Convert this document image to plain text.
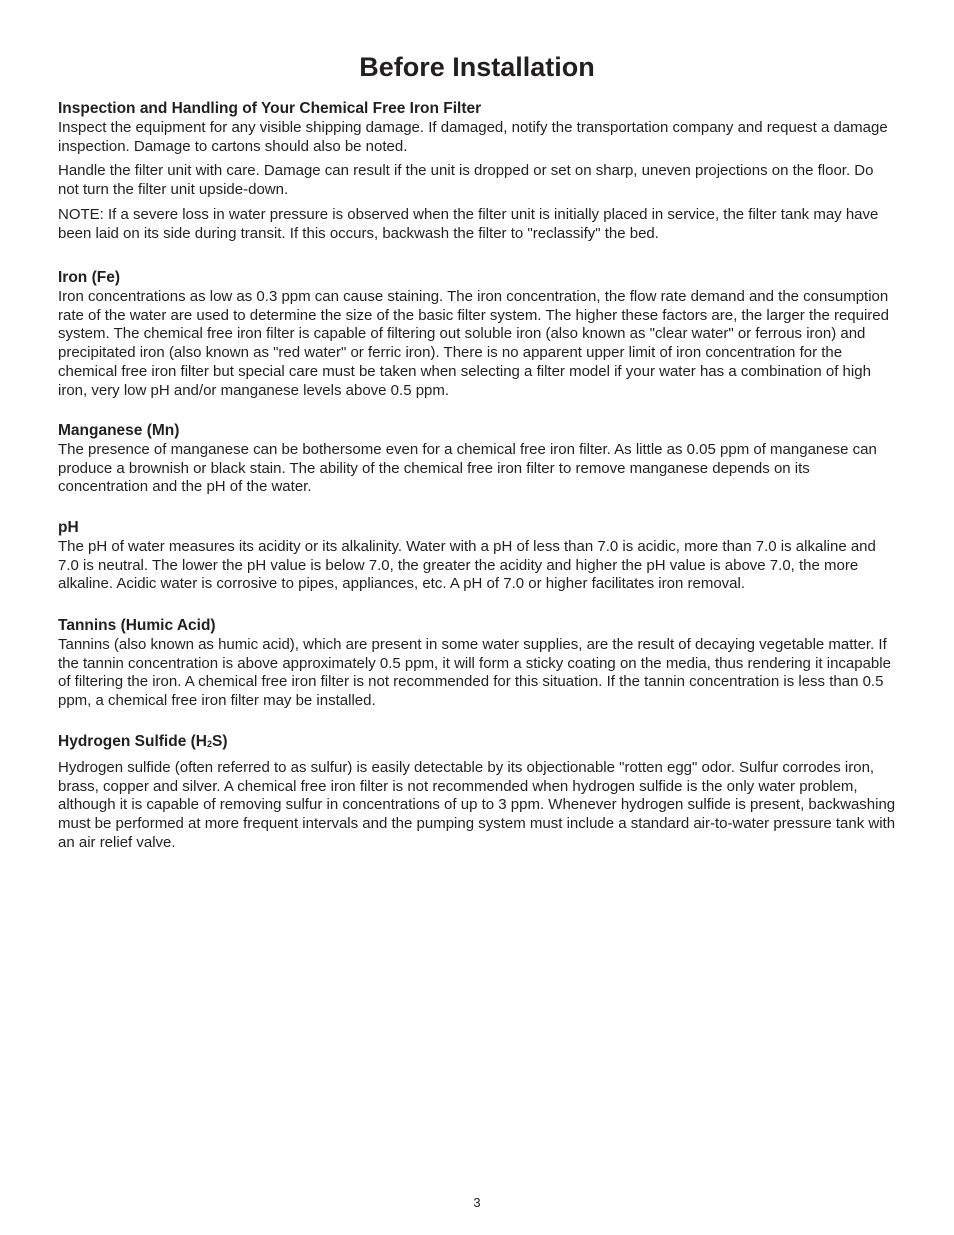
Before Installation
Inspection and Handling of Your Chemical Free Iron Filter

Inspect the equipment for any visible shipping damage. If damaged, notify the transportation company and request a damage inspection. Damage to cartons should also be noted.

Handle the filter unit with care. Damage can result if the unit is dropped or set on sharp, uneven projections on the floor. Do not turn the filter unit upside-down.

NOTE: If a severe loss in water pressure is observed when the filter unit is initially placed in service, the filter tank may have been laid on its side during transit. If this occurs, backwash the filter to "reclassify" the bed.

Iron (Fe)

Iron concentrations as low as 0.3 ppm can cause staining. The iron concentration, the flow rate demand and the consumption rate of the water are used to determine the size of the basic filter system. The higher these factors are, the larger the required system. The chemical free iron filter is capable of filtering out soluble iron (also known as "clear water" or ferrous iron) and precipitated iron (also known as "red water" or ferric iron). There is no apparent upper limit of iron concentration for the chemical free iron filter but special care must be taken when selecting a filter model if your water has a combination of high iron, very low pH and/or manganese levels above 0.5 ppm.

Manganese (Mn)

The presence of manganese can be bothersome even for a chemical free iron filter. As little as 0.05 ppm of manganese can produce a brownish or black stain. The ability of the chemical free iron filter to remove manganese depends on its concentration and the pH of the water.

pH

The pH of water measures its acidity or its alkalinity. Water with a pH of less than 7.0 is acidic, more than 7.0 is alkaline and 7.0 is neutral. The lower the pH value is below 7.0, the greater the acidity and higher the pH value is above 7.0, the more alkaline. Acidic water is corrosive to pipes, appliances, etc. A pH of 7.0 or higher facilitates iron removal.

Tannins (Humic Acid)

Tannins (also known as humic acid), which are present in some water supplies, are the result of decaying vegetable matter. If the tannin concentration is above approximately 0.5 ppm, it will form a sticky coating on the media, thus rendering it incapable of filtering the iron. A chemical free iron filter is not recommended for this situation. If the tannin concentration is less than 0.5 ppm, a chemical free iron filter may be installed.

Hydrogen Sulfide (H2S)

Hydrogen sulfide (often referred to as sulfur) is easily detectable by its objectionable "rotten egg" odor. Sulfur corrodes iron, brass, copper and silver. A chemical free iron filter is not recommended when hydrogen sulfide is the only water problem, although it is capable of removing sulfur in concentrations of up to 3 ppm. Whenever hydrogen sulfide is present, backwashing must be performed at more frequent intervals and the pumping system must include a standard air-to-water pressure tank with an air relief valve.

3
